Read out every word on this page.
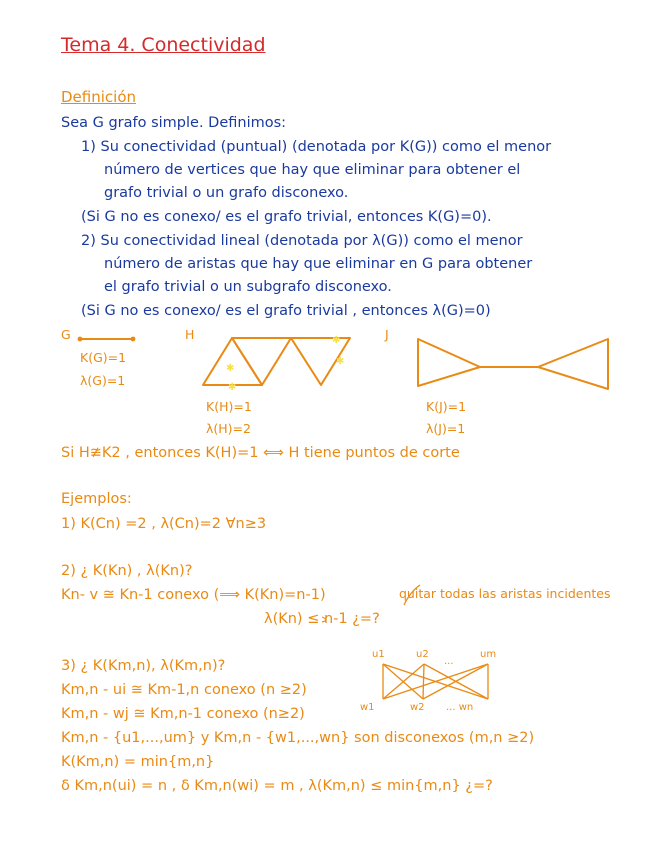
Tema 4. Conectividad
Definición
Sea G grafo simple. Definimos:
1) Su conectividad (puntual) (denotada por K(G)) como el menor
número de vertices que hay que eliminar para obtener el
grafo trivial o un grafo disconexo.
(Si G no es conexo/ es el grafo trivial, entonces K(G)=0).
2) Su conectividad lineal (denotada por λ(G)) como el menor
número de aristas que hay que eliminar en G para obtener
el grafo trivial o un subgrafo disconexo.
(Si G no es conexo/ es el grafo trivial , entonces λ(G)=0)
✱
✱
✱
✱
G
K(G)=1
λ(G)=1
H
K(H)=1
λ(H)=2
J
K(J)=1
λ(J)=1
Si H≇K2 , entonces K(H)=1 ⟺ H tiene puntos de corte
Ejemplos:
1) K(Cn) =2 , λ(Cn)=2 ∀n≥3
2) ¿ K(Kn) , λ(Kn)?
Kn- v ≅ Kn-1 conexo (⟹ K(Kn)=n-1)	quitar todas las aristas incidentes
λ(Kn) ≤ n-1 ¿=?
3) ¿ K(Km,n), λ(Km,n)?
Km,n - ui ≅ Km-1,n conexo (n ≥2)
Km,n - wj ≅ Km,n-1 conexo (n≥2)
Km,n - {u1,...,um} y Km,n - {w1,...,wn} son disconexos (m,n ≥2)
K(Km,n) = min{m,n}
δ Km,n(ui) = n , δ Km,n(wi) = m , λ(Km,n) ≤ min{m,n} ¿=?
u1	u2
...
um
w1	w2 ... wn
